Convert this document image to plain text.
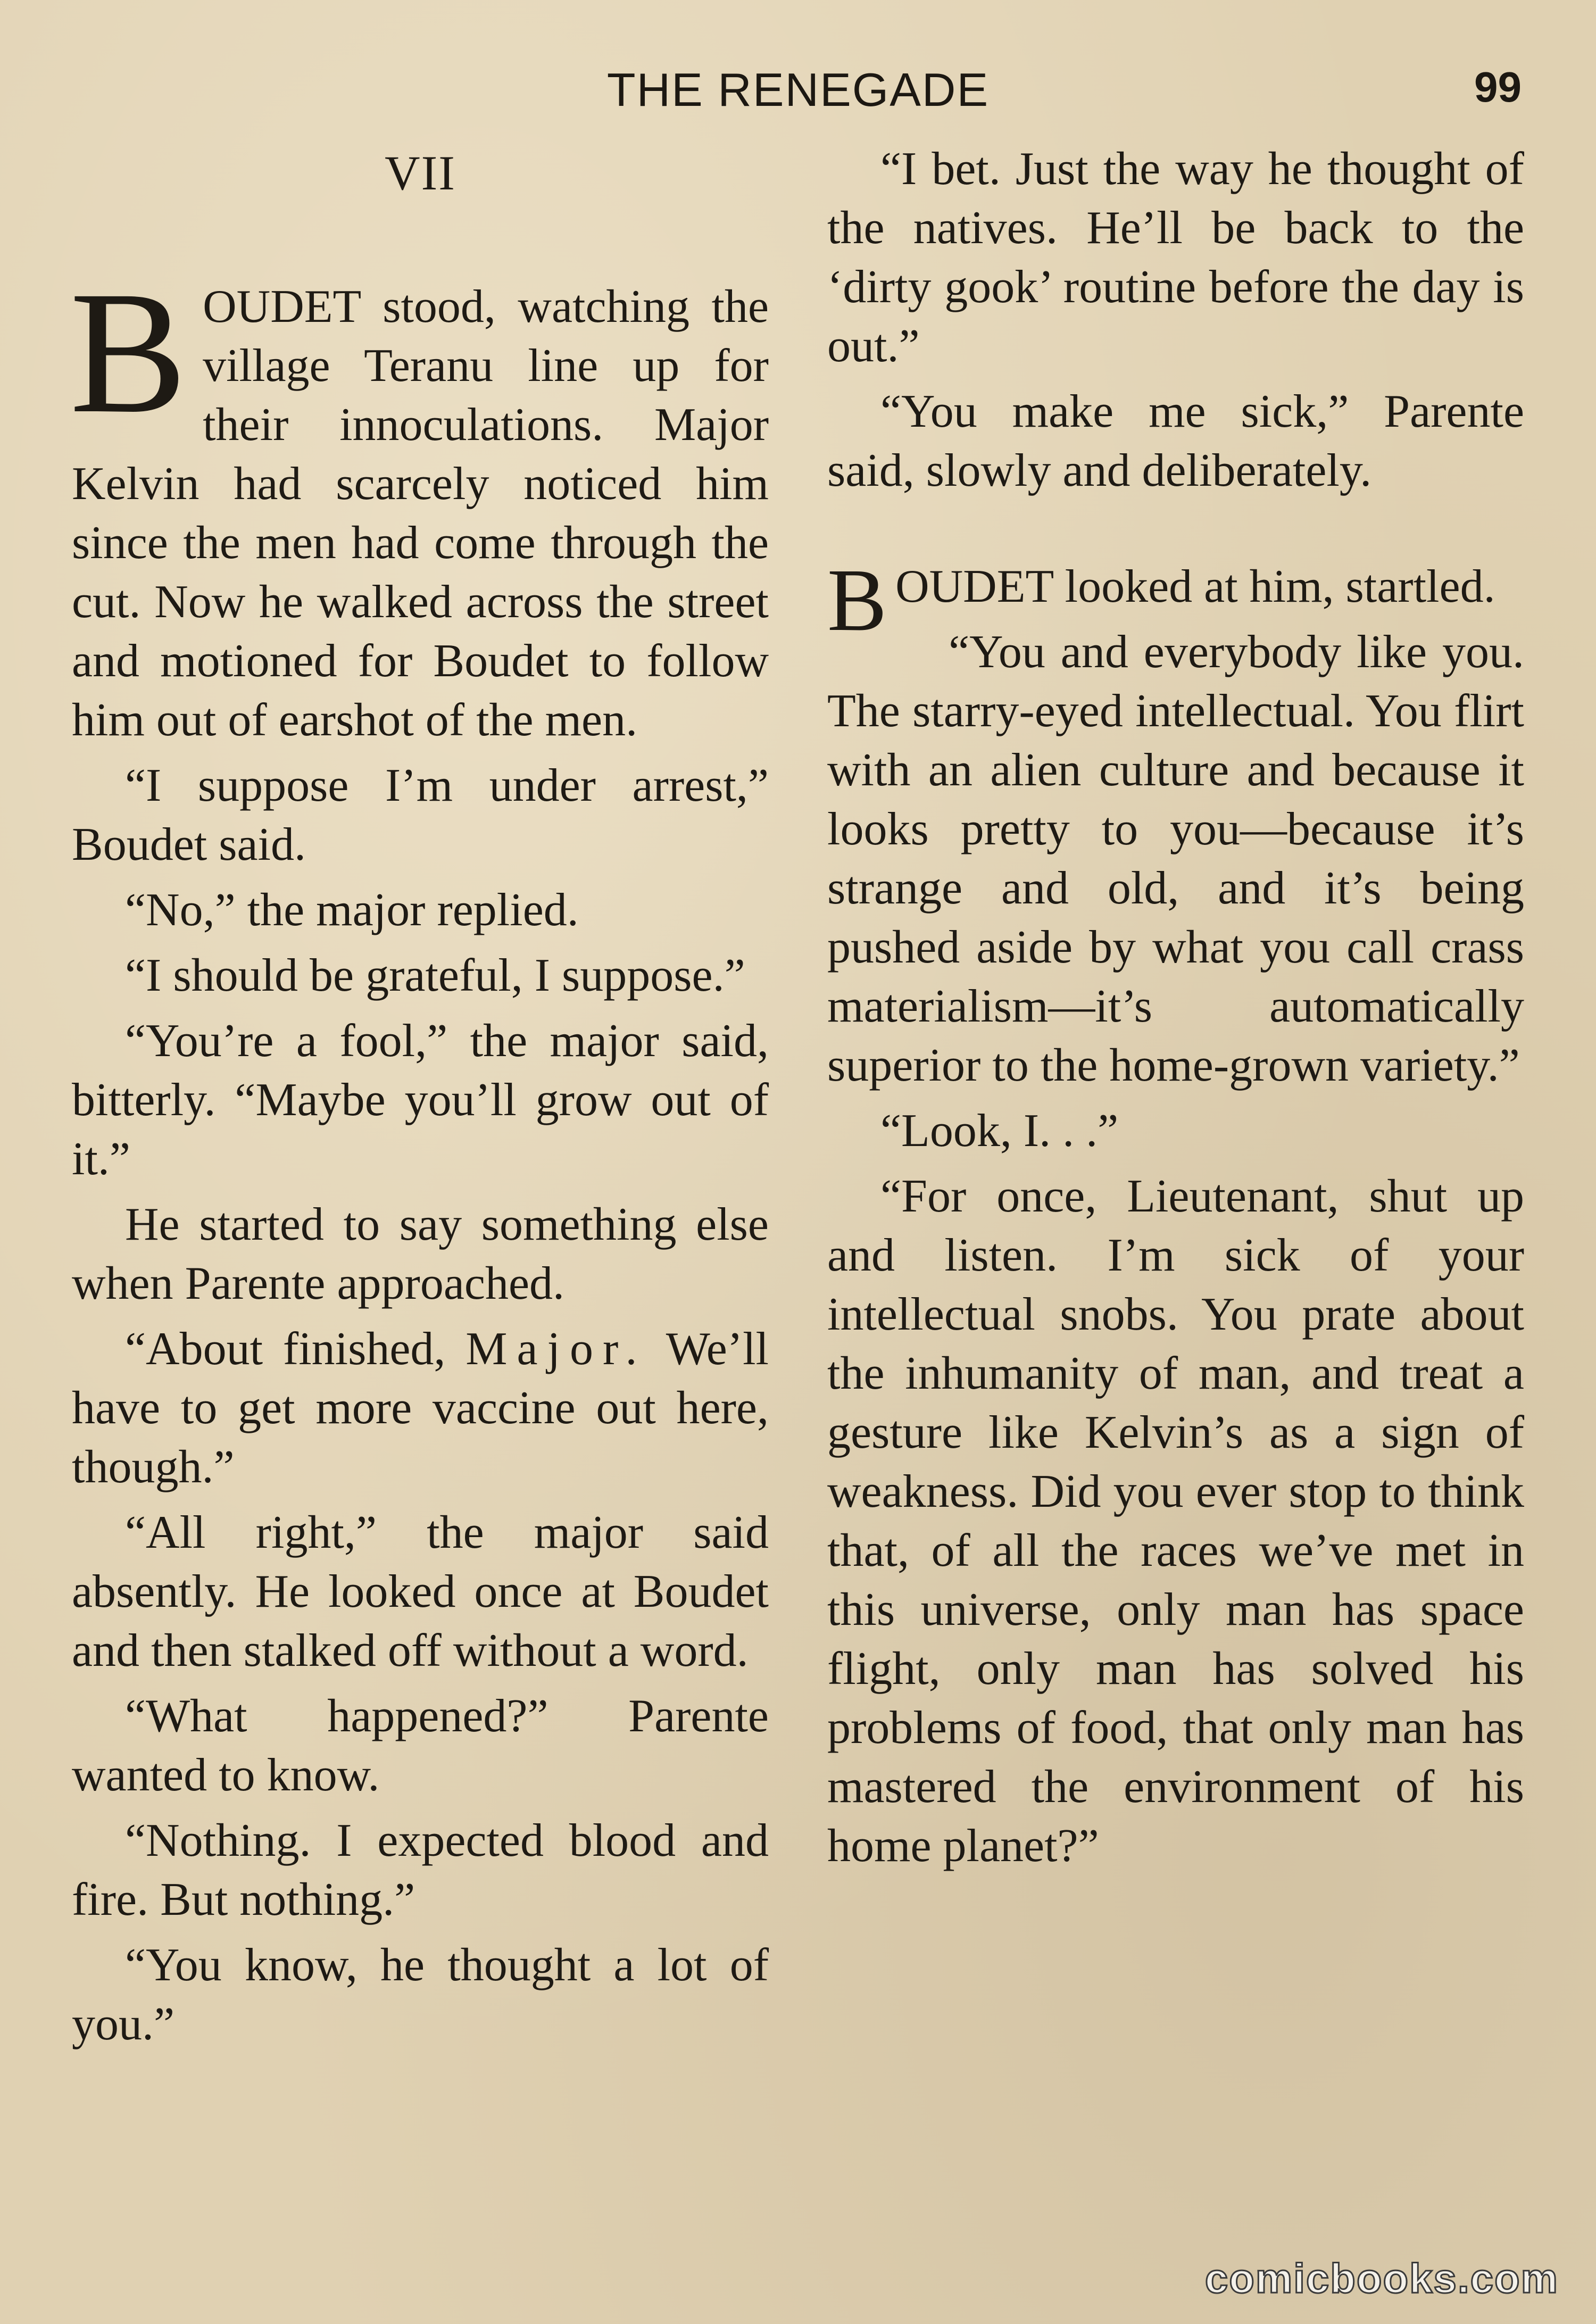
THE RENEGADE	99
VII

BOUDET stood, watching the village Teranu line up for their innoculations. Major Kelvin had scarcely noticed him since the men had come through the cut. Now he walked across the street and motioned for Boudet to follow him out of earshot of the men.

“I suppose I’m under arrest,” Boudet said.

“No,” the major replied.

“I should be grateful, I suppose.”

“You’re a fool,” the major said, bitterly. “Maybe you’ll grow out of it.”

He started to say something else when Parente approached.

“About finished, Major. We’ll have to get more vaccine out here, though.”

“All right,” the major said absently. He looked once at Boudet and then stalked off without a word.

“What happened?” Parente wanted to know.

“Nothing. I expected blood and fire. But nothing.”

“You know, he thought a lot of you.”

“I bet. Just the way he thought of the natives. He’ll be back to the ‘dirty gook’ routine before the day is out.”

“You make me sick,” Parente said, slowly and deliberately.

BOUDET looked at him, startled.

“You and everybody like you. The starry-eyed intellectual. You flirt with an alien culture and because it looks pretty to you—because it’s strange and old, and it’s being pushed aside by what you call crass materialism—it’s automatically superior to the home-grown variety.”

“Look, I. . .”

“For once, Lieutenant, shut up and listen. I’m sick of your intellectual snobs. You prate about the inhumanity of man, and treat a gesture like Kelvin’s as a sign of weakness. Did you ever stop to think that, of all the races we’ve met in this universe, only man has space flight, only man has solved his problems of food, that only man has mastered the environment of his home planet?”

comicbooks.com
